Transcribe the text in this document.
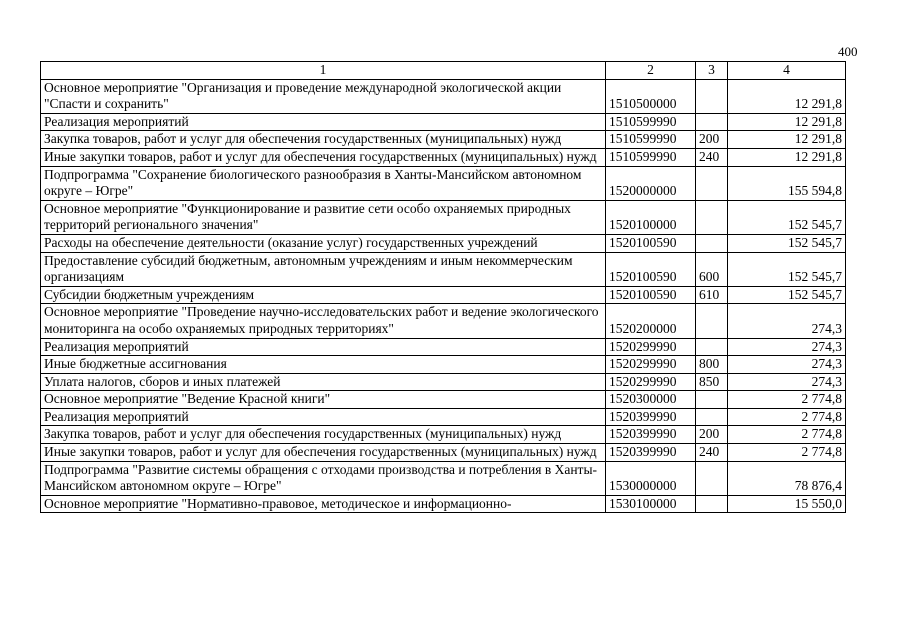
400
1	2	3	4
Основное мероприятие "Организация и проведение международной экологической акции "Спасти и сохранить"	1510500000		12 291,8
Реализация мероприятий	1510599990		12 291,8
Закупка товаров, работ и услуг для обеспечения государственных (муниципальных) нужд	1510599990	200	12 291,8
Иные закупки товаров, работ и услуг для обеспечения государственных (муниципальных) нужд	1510599990	240	12 291,8
Подпрограмма "Сохранение биологического разнообразия в Ханты-Мансийском автономном округе – Югре"	1520000000		155 594,8
Основное мероприятие "Функционирование и развитие сети особо охраняемых природных территорий регионального значения"	1520100000		152 545,7
Расходы на обеспечение деятельности (оказание услуг) государственных учреждений	1520100590		152 545,7
Предоставление субсидий бюджетным, автономным учреждениям и иным некоммерческим организациям	1520100590	600	152 545,7
Субсидии бюджетным учреждениям	1520100590	610	152 545,7
Основное мероприятие "Проведение научно-исследовательских работ и ведение экологического мониторинга на особо охраняемых природных территориях"	1520200000		274,3
Реализация мероприятий	1520299990		274,3
Иные бюджетные ассигнования	1520299990	800	274,3
Уплата налогов, сборов и иных платежей	1520299990	850	274,3
Основное мероприятие "Ведение Красной книги"	1520300000		2 774,8
Реализация мероприятий	1520399990		2 774,8
Закупка товаров, работ и услуг для обеспечения государственных (муниципальных) нужд	1520399990	200	2 774,8
Иные закупки товаров, работ и услуг для обеспечения государственных (муниципальных) нужд	1520399990	240	2 774,8
Подпрограмма "Развитие системы обращения с отходами производства и потребления в Ханты-Мансийском автономном округе – Югре"	1530000000		78 876,4
Основное мероприятие "Нормативно-правовое, методическое и информационно-	1530100000		15 550,0
